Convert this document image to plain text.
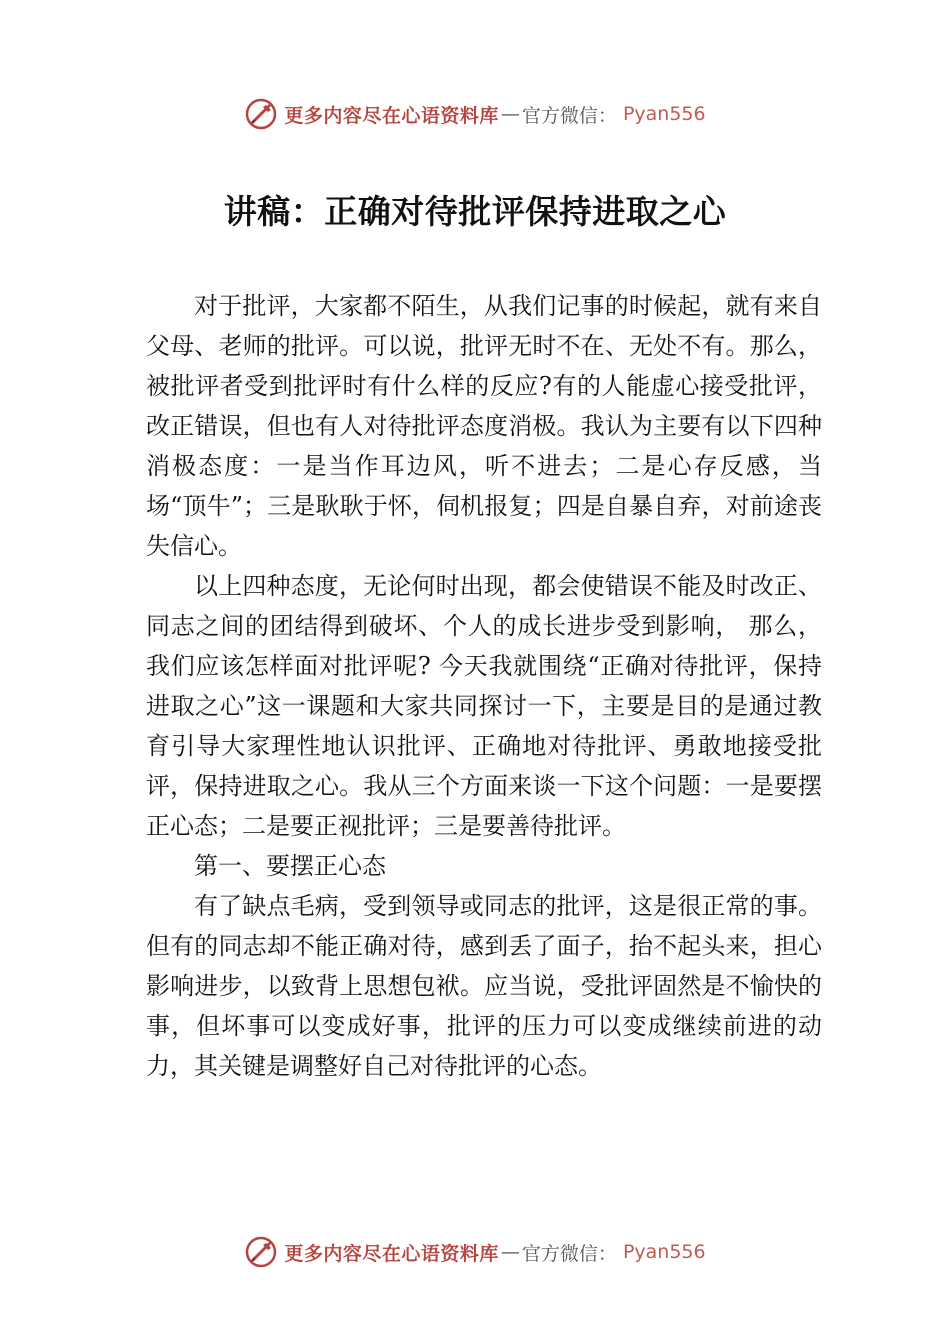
更多内容尽在心语资料库 — 官方微信： Pyan556
讲稿：正确对待批评保持进取之心

对于批评，大家都不陌生，从我们记事的时候起，就有来自父母、老师的批评。可以说，批评无时不在、无处不有。那么，被批评者受到批评时有什么样的反应?有的人能虚心接受批评，改正错误，但也有人对待批评态度消极。我认为主要有以下四种消极态度：一是当作耳边风，听不进去；二是心存反感，当场“顶牛”；三是耿耿于怀，伺机报复；四是自暴自弃，对前途丧失信心。

以上四种态度，无论何时出现，都会使错误不能及时改正、同志之间的团结得到破坏、个人的成长进步受到影响， 那么，我们应该怎样面对批评呢? 今天我就围绕“正确对待批评，保持进取之心”这一课题和大家共同探讨一下，主要是目的是通过教育引导大家理性地认识批评、正确地对待批评、勇敢地接受批评，保持进取之心。我从三个方面来谈一下这个问题：一是要摆正心态；二是要正视批评；三是要善待批评。

第一、要摆正心态

有了缺点毛病，受到领导或同志的批评，这是很正常的事。但有的同志却不能正确对待，感到丢了面子，抬不起头来，担心影响进步，以致背上思想包袱。应当说，受批评固然是不愉快的事，但坏事可以变成好事，批评的压力可以变成继续前进的动力，其关键是调整好自己对待批评的心态。

更多内容尽在心语资料库 — 官方微信： Pyan556
